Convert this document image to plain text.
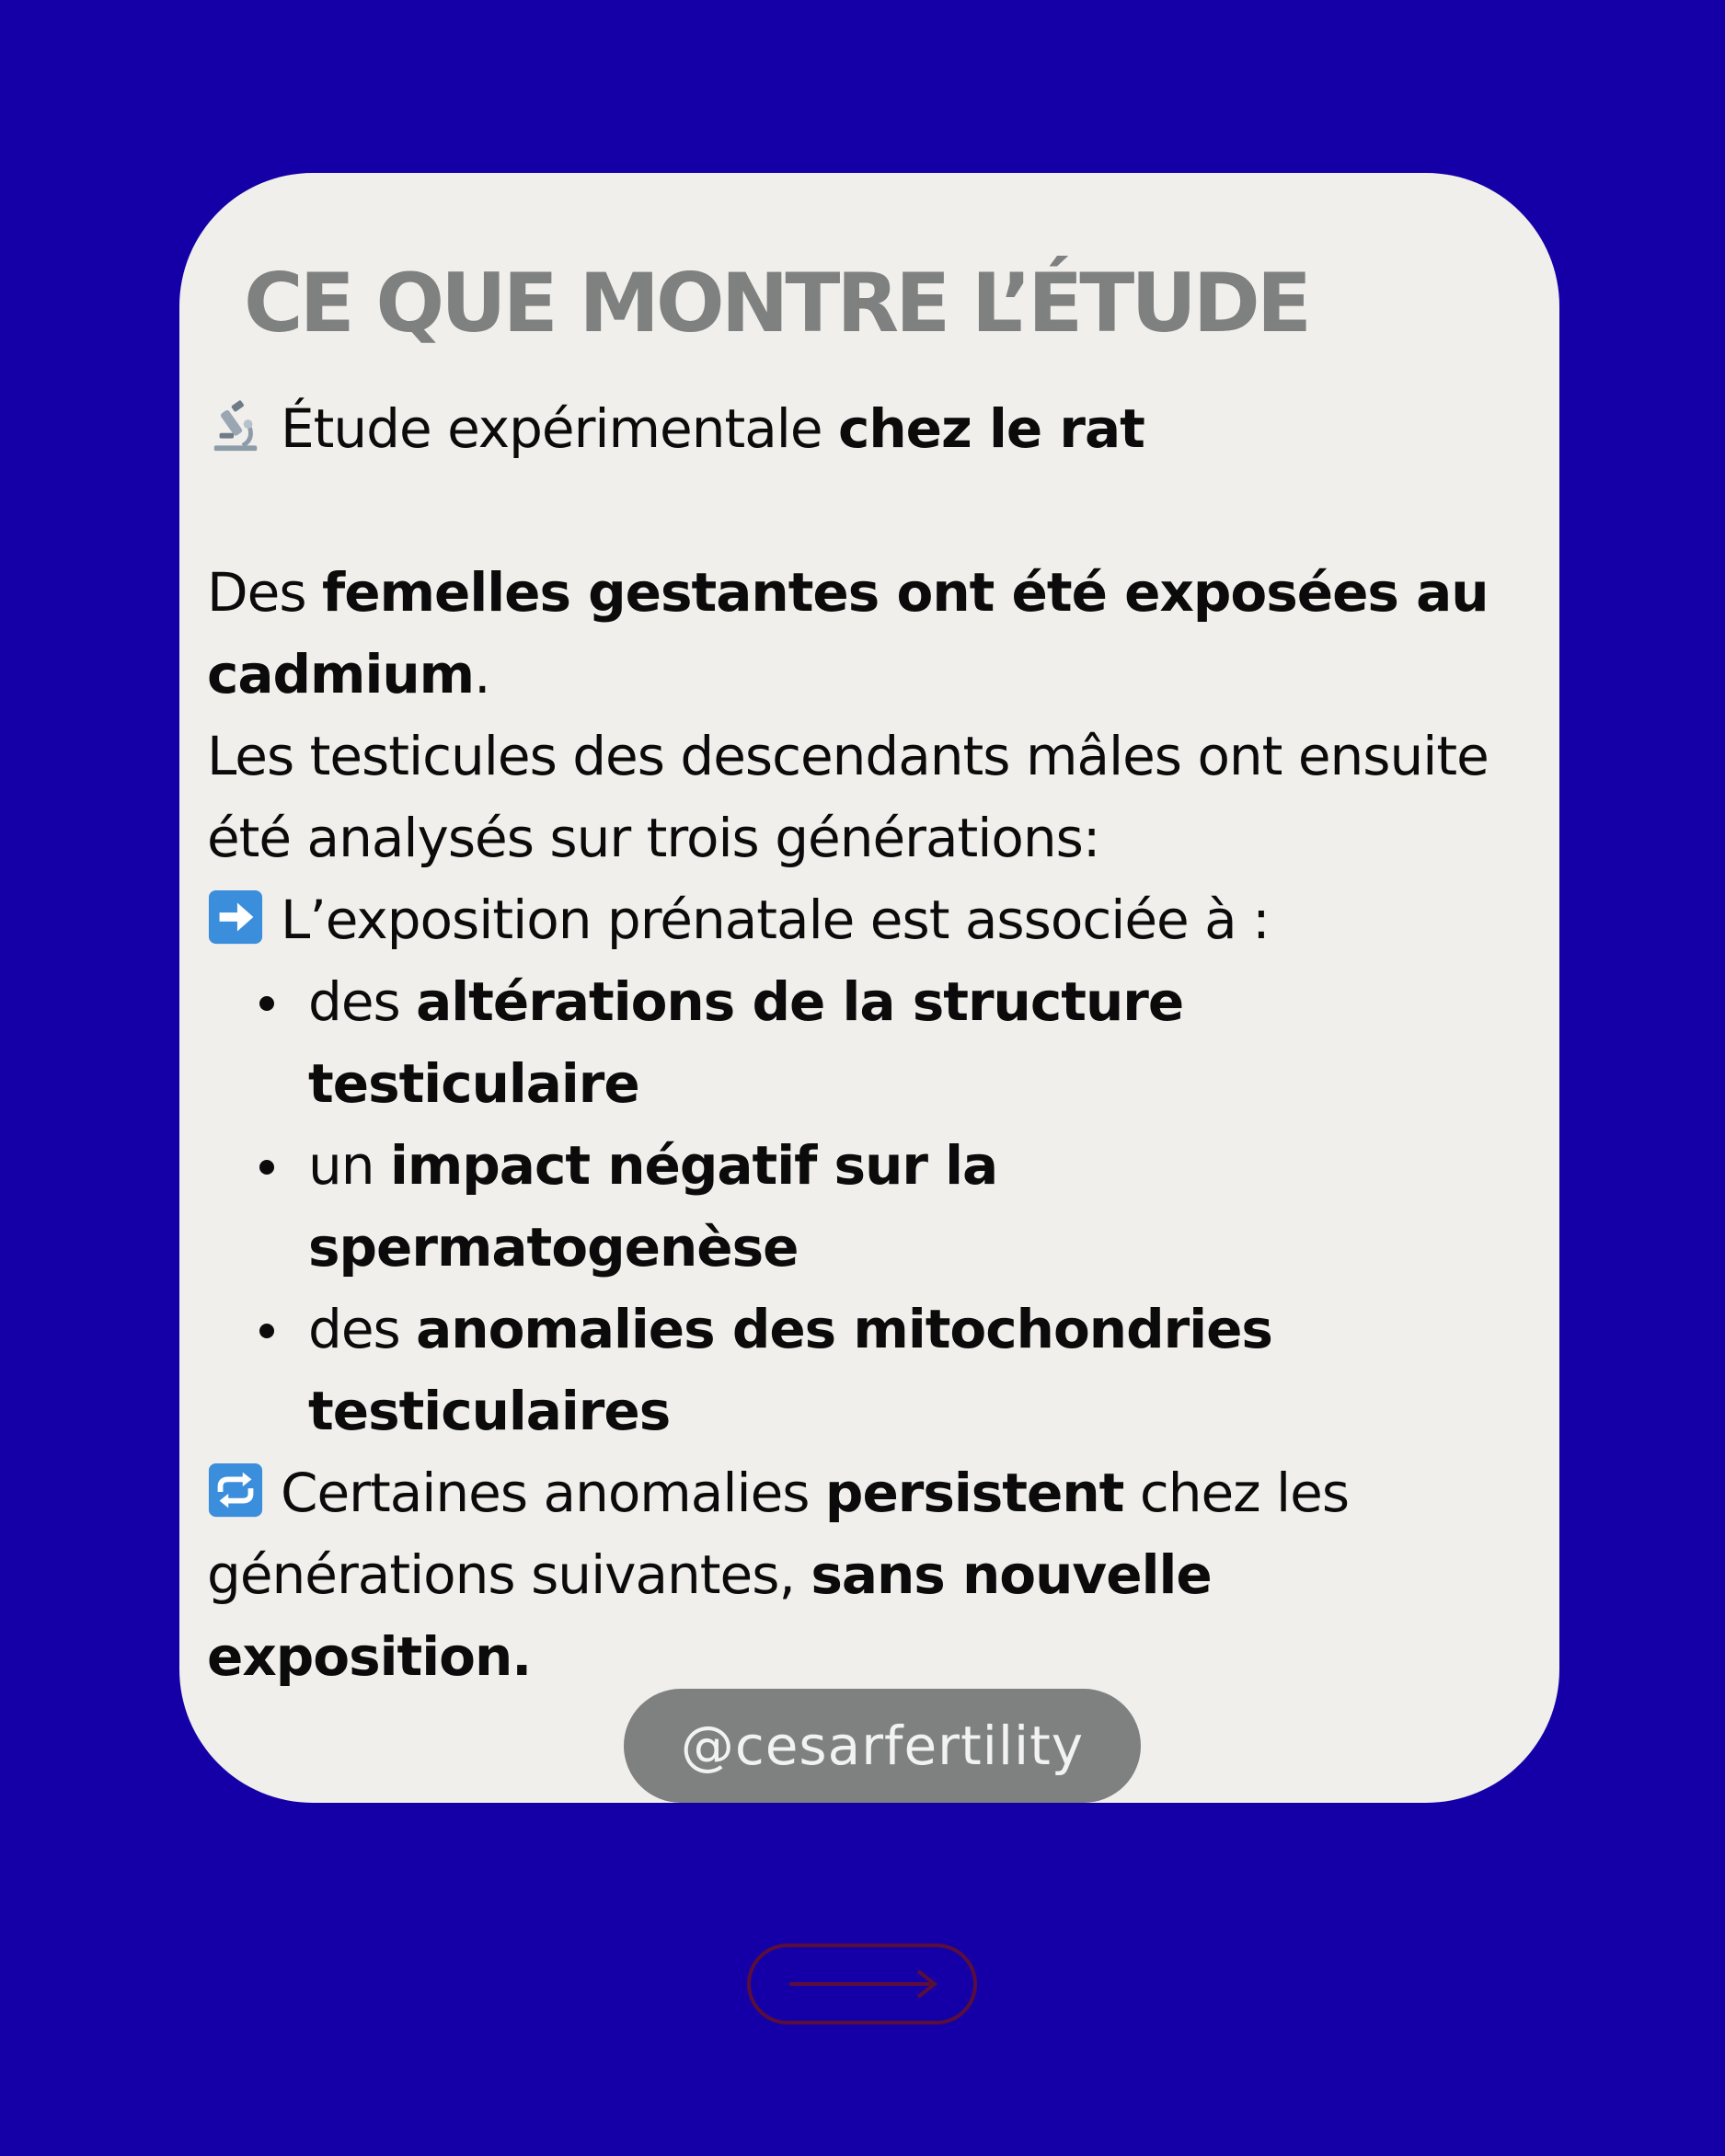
CE QUE MONTRE L’ÉTUDE

Étude expérimentale chez le rat

Des femelles gestantes ont été exposées au cadmium.

Les testicules des descendants mâles ont ensuite été analysés sur trois générations:

L’exposition prénatale est associée à :

des altérations de la structure testiculaire
un impact négatif sur la spermatogenèse
des anomalies des mitochondries testiculaires

Certaines anomalies persistent chez les générations suivantes, sans nouvelle exposition.

@cesarfertility
